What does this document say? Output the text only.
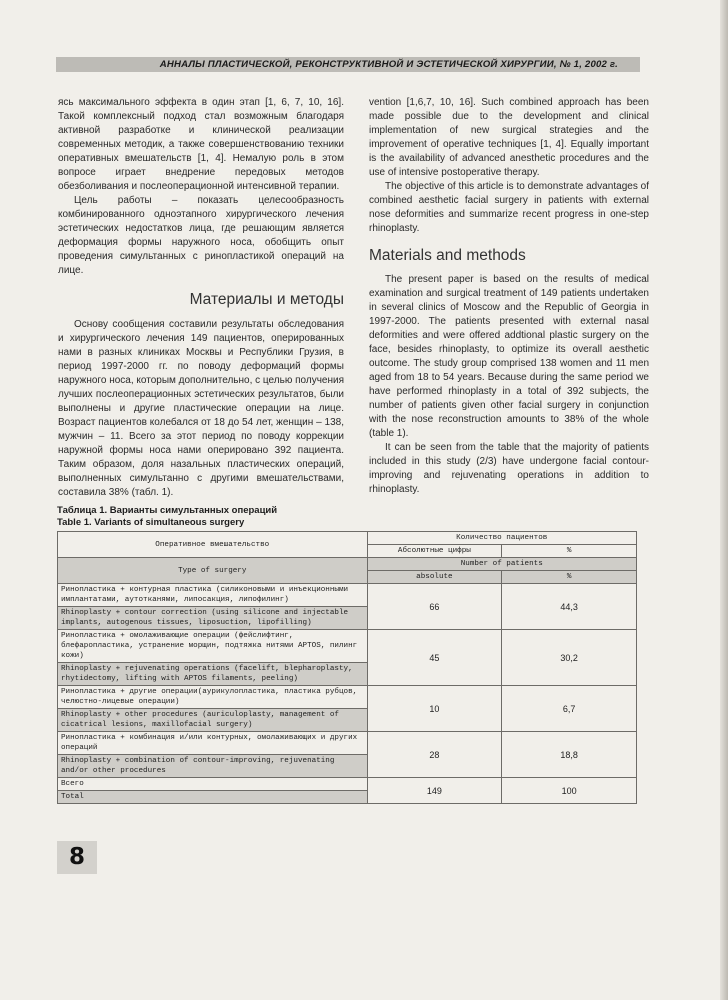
АННАЛЫ ПЛАСТИЧЕСКОЙ, РЕКОНСТРУКТИВНОЙ И ЭСТЕТИЧЕСКОЙ ХИРУРГИИ, № 1, 2002 г.

яcь максимального эффекта в один этап [1, 6, 7, 10, 16]. Такой комплексный подход стал возможным благодаря активной разработке и клинической реализации современных методик, а также совершенствованию техники оперативных вмешательств [1, 4]. Немалую роль в этом вопросе играет внедрение передовых методов обезболивания и послеоперационной интенсивной терапии.

Цель работы – показать целесообразность комбинированного одноэтапного хирургического лечения эстетических недостатков лица, где решающим является деформация формы наружного носа, обобщить опыт проведения симультанных с ринопластикой операций на лице.

Материалы и методы

Основу сообщения составили результаты обследования и хирургического лечения 149 пациентов, оперированных нами в разных клиниках Москвы и Республики Грузия, в период 1997-2000 гг. по поводу деформаций формы наружного носа, которым дополнительно, с целью получения лучших послеоперационных эстетических результатов, были выполнены и другие пластические операции на лице. Возраст пациентов колебался от 18 до 54 лет, женщин – 138, мужчин – 11. Всего за этот период по поводу коррекции наружной формы носа нами оперировано 392 пациента. Таким образом, доля назальных пластических операций, выполненных симультанно с другими вмешательствами, составила 38% (табл. 1).

vention [1,6,7, 10, 16]. Such combined approach has been made possible due to the development and clinical implementation of new surgical strategies and the improvement of operative techniques [1, 4]. Equally important is the availability of advanced anesthetic procedures and the use of intensive postoperative therapy.

The objective of this article is to demonstrate advantages of combined aesthetic facial surgery in patients with external nose deformities and summarize recent progress in one-step rhinoplasty.

Materials and methods

The present paper is based on the results of medical examination and surgical treatment of 149 patients undertaken in several clinics of Moscow and the Republic of Georgia in 1997-2000. The patients presented with external nasal deformities and were offered addtional plastic surgery on the face, besides rhinoplasty, to optimize its overall aesthetic outcome. The study group comprised 138 women and 11 men aged from 18 to 54 years. Because during the same period we have performed rhinoplasty in a total of 392 subjects, the number of patients given other facial surgery in conjunction with the nose reconstruction amounts to 38% of the whole (table 1).

It can be seen from the table that the majority of patients included in this study (2/3) have undergone facial contour-improving and rejuvenating operations in addition to rhinoplasty.

Таблица 1. Варианты симультанных операций
Table 1. Variants of simultaneous surgery
Оперативное вмешательство	Количество пациентов	
	Абсолютные цифры	%
Type of surgery	Number of patients	
	absolute	%
Ринопластика + контурная пластика (силиконовыми и инъекционными имплантатами, аутотканями, липосакция, липофилинг)	66	44,3
Rhinoplasty + contour correction (using silicone and injectable implants, autogenous tissues, liposuction, lipofilling)		
Ринопластика + омолаживающие операции (фейслифтинг, блефаропластика, устранение морщин, подтяжка нитями APTOS, пилинг кожи)	45	30,2
Rhinoplasty + rejuvenating operations (facelift, blepharoplasty, rhytidectomy, lifting with APTOS filaments, peeling)		
Ринопластика + другие операции(аурикулопластика, пластика рубцов, челюстно-лицевые операции)	10	6,7
Rhinoplasty + other procedures (auriculoplasty, management of cicatrical lesions, maxillofacial surgery)		
Ринопластика + комбинация и/или контурных, омолаживающих и других операций	28	18,8
Rhinoplasty + combination of contour-improving, rejuvenating and/or other procedures		
Всего	149	100
Total		
8
